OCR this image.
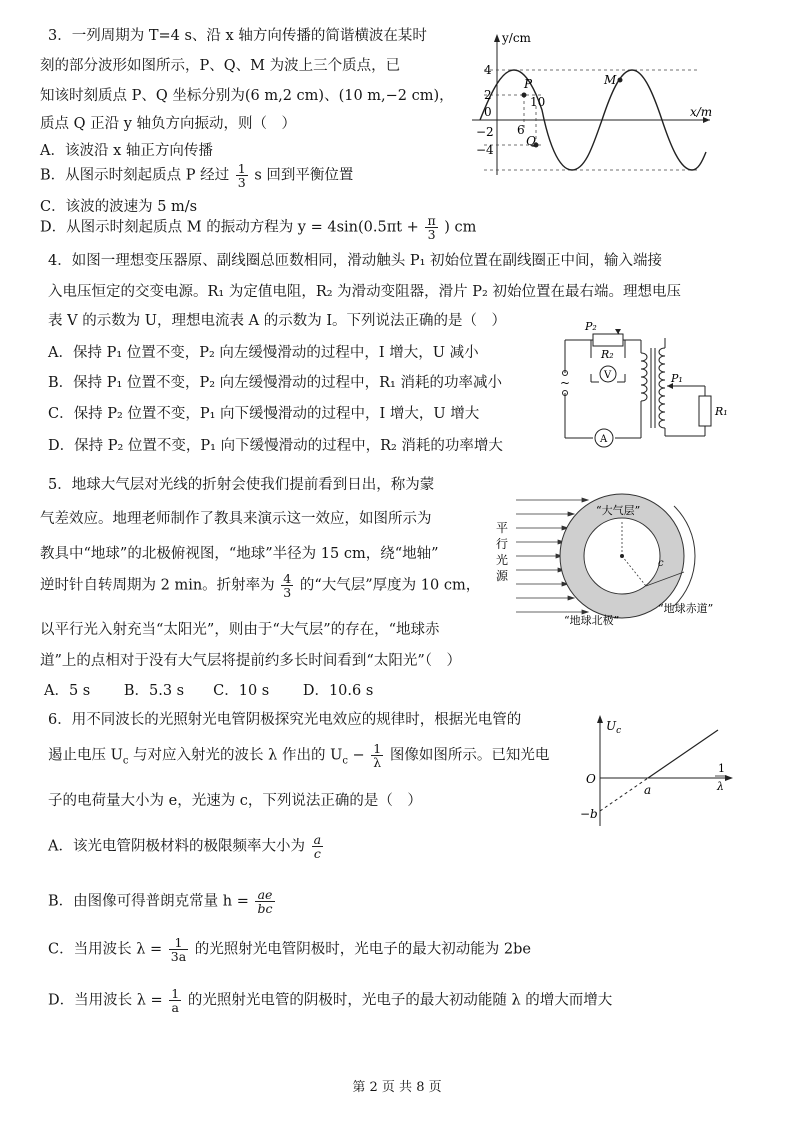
3．一列周期为 T=4 s、沿 x 轴方向传播的简谐横波在某时
刻的部分波形如图所示，P、Q、M 为波上三个质点，已
知该时刻质点 P、Q 坐标分别为(6 m,2 cm)、(10 m,−2 cm)，
质点 Q 正沿 y 轴负方向振动，则（　）
A．该波沿 x 轴正方向传播
B．从图示时刻起质点 P 经过 $\frac{1}{3}$ s 回到平衡位置
C．该波的波速为 5 m/s
D．从图示时刻起质点 M 的振动方程为 $y = 4\sin(0.5\pi t + \frac{\pi}{3}$ ) cm
y/cm
x/m
4
2
0
−2
−4
6
10
P	M
Q
4．如图一理想变压器原、副线圈总匝数相同，滑动触头 P₁ 初始位置在副线圈正中间，输入端接
入电压恒定的交变电源。R₁ 为定值电阻，R₂ 为滑动变阻器，滑片 P₂ 初始位置在最右端。理想电压
表 V 的示数为 U，理想电流表 A 的示数为 I。下列说法正确的是（　）
A．保持 P₁ 位置不变，P₂ 向左缓慢滑动的过程中，I 增大，U 减小
B．保持 P₁ 位置不变，P₂ 向左缓慢滑动的过程中，R₁ 消耗的功率减小
C．保持 P₂ 位置不变，P₁ 向下缓慢滑动的过程中，I 增大，U 增大
D．保持 P₂ 位置不变，P₁ 向下缓慢滑动的过程中，R₂ 消耗的功率增大
P₂
R₂
V
A
P₁
R₁
~
5．地球大气层对光线的折射会使我们提前看到日出，称为蒙
气差效应。地理老师制作了教具来演示这一效应，如图所示为
教具中“地球”的北极俯视图，“地球”半径为 15 cm，绕“地轴”
逆时针自转周期为 2 min。折射率为 $\frac{4}{3}$ 的“大气层”厚度为 10 cm，
以平行光入射充当“太阳光”，则由于“大气层”的存在，“地球赤
道”上的点相对于没有大气层将提前约多长时间看到“太阳光”（　）
A．5 s　　 B．5.3 s　　C．10 s　　 D．10.6 s
“大气层”
c
平
行
光
源
“地球北极”
“地球赤道”
6．用不同波长的光照射光电管阴极探究光电效应的规律时，根据光电管的
遏止电压 $U_c$ 与对应入射光的波长 λ 作出的 $U_c - \frac{1}{\lambda}$ 图像如图所示。已知光电
子的电荷量大小为 e，光速为 c，下列说法正确的是（　）
A．该光电管阴极材料的极限频率大小为 $\frac{a}{c}$
B．由图像可得普朗克常量 $h = \frac{ae}{bc}$
C．当用波长 $\lambda = \frac{1}{3a}$ 的光照射光电管阴极时，光电子的最大初动能为 2be
D．当用波长 $\lambda = \frac{1}{a}$ 的光照射光电管的阴极时，光电子的最大初动能随 λ 的增大而增大
$U_c$
O
a
−b
1
λ
第 2 页 共 8 页
